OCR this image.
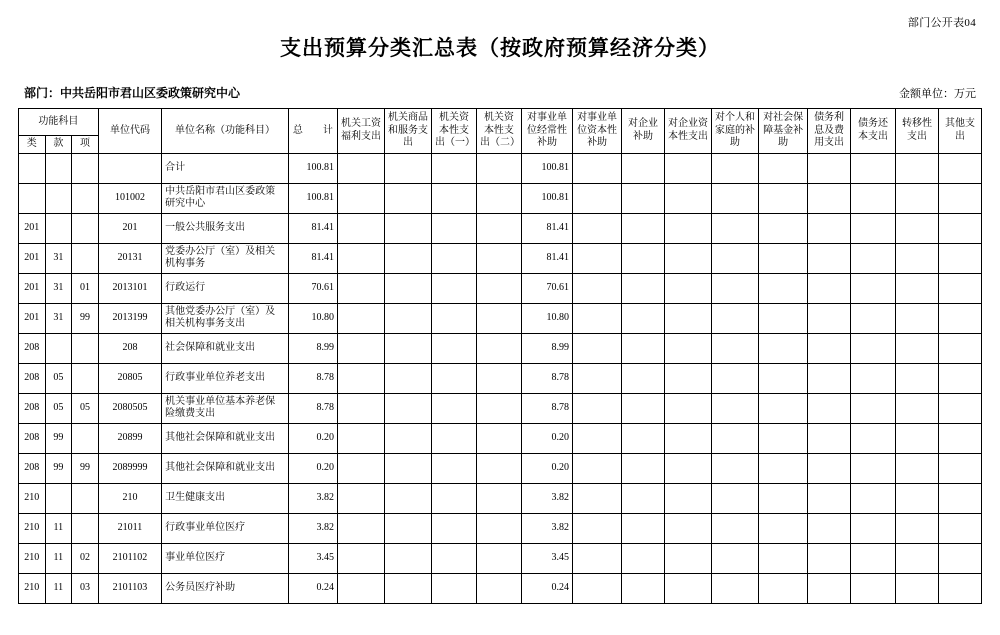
部门公开表04
支出预算分类汇总表（按政府预算经济分类）
部门：中共岳阳市君山区委政策研究中心	金额单位：万元
功能科目			单位代码	单位名称（功能科目）	总　　计	机关工资福利支出	机关商品和服务支出	机关资本性支出（一）	机关资本性支出（二）	对事业单位经常性补助	对事业单位资本性补助	对企业补助	对企业资本性支出	对个人和家庭的补助	对社会保障基金补助	债务利息及费用支出	债务还本支出	转移性支出	其他支出
类	款	项																	
				合计	100.81					100.81									
			101002	中共岳阳市君山区委政策研究中心	100.81					100.81									
201			201	一般公共服务支出	81.41					81.41									
201	31		20131	党委办公厅（室）及相关机构事务	81.41					81.41									
201	31	01	2013101	行政运行	70.61					70.61									
201	31	99	2013199	其他党委办公厅（室）及相关机构事务支出	10.80					10.80									
208			208	社会保障和就业支出	8.99					8.99									
208	05		20805	行政事业单位养老支出	8.78					8.78									
208	05	05	2080505	机关事业单位基本养老保险缴费支出	8.78					8.78									
208	99		20899	其他社会保障和就业支出	0.20					0.20									
208	99	99	2089999	其他社会保障和就业支出	0.20					0.20									
210			210	卫生健康支出	3.82					3.82									
210	11		21011	行政事业单位医疗	3.82					3.82									
210	11	02	2101102	事业单位医疗	3.45					3.45									
210	11	03	2101103	公务员医疗补助	0.24					0.24									
